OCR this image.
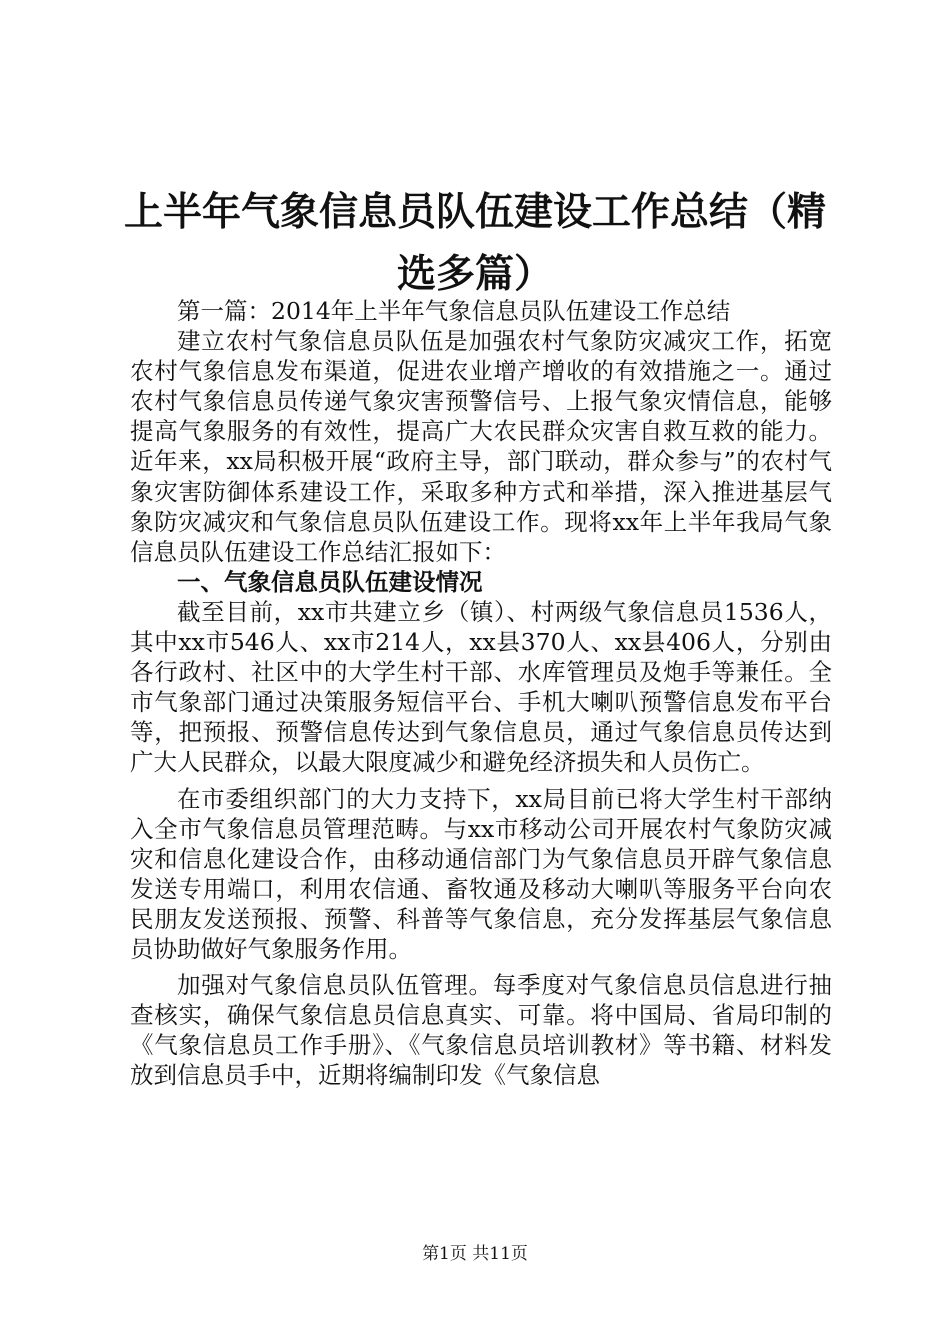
上半年气象信息员队伍建设工作总结（精选多篇）

第一篇：2014年上半年气象信息员队伍建设工作总结

建立农村气象信息员队伍是加强农村气象防灾减灾工作，拓宽农村气象信息发布渠道，促进农业增产增收的有效措施之一。通过农村气象信息员传递气象灾害预警信号、上报气象灾情信息，能够提高气象服务的有效性，提高广大农民群众灾害自救互救的能力。近年来，xx局积极开展“政府主导，部门联动，群众参与”的农村气象灾害防御体系建设工作，采取多种方式和举措，深入推进基层气象防灾减灾和气象信息员队伍建设工作。现将xx年上半年我局气象信息员队伍建设工作总结汇报如下：

一、气象信息员队伍建设情况

截至目前，xx市共建立乡（镇）、村两级气象信息员1536人，其中xx市546人、xx市214人，xx县370人、xx县406人，分别由各行政村、社区中的大学生村干部、水库管理员及炮手等兼任。全市气象部门通过决策服务短信平台、手机大喇叭预警信息发布平台等，把预报、预警信息传达到气象信息员，通过气象信息员传达到广大人民群众，以最大限度减少和避免经济损失和人员伤亡。

在市委组织部门的大力支持下，xx局目前已将大学生村干部纳入全市气象信息员管理范畴。与xx市移动公司开展农村气象防灾减灾和信息化建设合作，由移动通信部门为气象信息员开辟气象信息发送专用端口，利用农信通、畜牧通及移动大喇叭等服务平台向农民朋友发送预报、预警、科普等气象信息，充分发挥基层气象信息员协助做好气象服务作用。

加强对气象信息员队伍管理。每季度对气象信息员信息进行抽查核实，确保气象信息员信息真实、可靠。将中国局、省局印制的《气象信息员工作手册》、《气象信息员培训教材》等书籍、材料发放到信息员手中，近期将编制印发《气象信息

第1页 共11页
